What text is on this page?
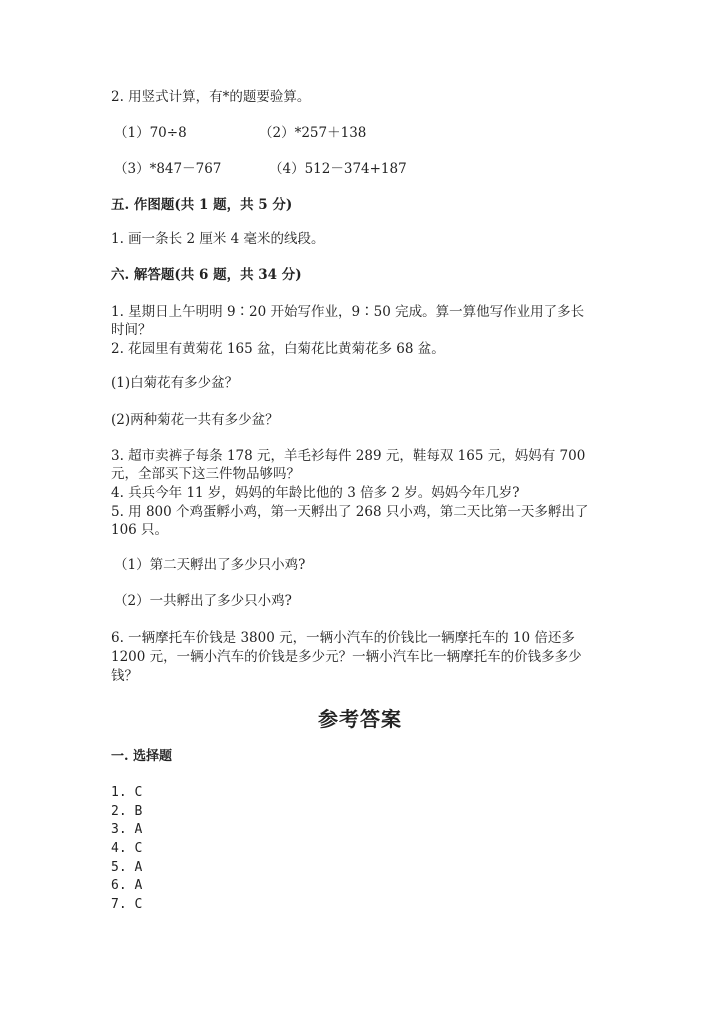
2. 用竖式计算，有*的题要验算。
（1）70÷8	（2）*257＋138
（3）*847－767	（4）512－374+187
五. 作图题(共 1 题，共 5 分)
1. 画一条长 2 厘米 4 毫米的线段。
六. 解答题(共 6 题，共 34 分)
1. 星期日上午明明 9∶20 开始写作业，9∶50 完成。算一算他写作业用了多长
时间？
2. 花园里有黄菊花 165 盆，白菊花比黄菊花多 68 盆。
(1)白菊花有多少盆？
(2)两种菊花一共有多少盆？
3. 超市卖裤子每条 178 元，羊毛衫每件 289 元，鞋每双 165 元，妈妈有 700
元，全部买下这三件物品够吗？
4. 兵兵今年 11 岁，妈妈的年龄比他的 3 倍多 2 岁。妈妈今年几岁?
5. 用 800 个鸡蛋孵小鸡，第一天孵出了 268 只小鸡，第二天比第一天多孵出了
106 只。
（1）第二天孵出了多少只小鸡?
（2）一共孵出了多少只小鸡?
6. 一辆摩托车价钱是 3800 元，一辆小汽车的价钱比一辆摩托车的 10 倍还多
1200 元，一辆小汽车的价钱是多少元？一辆小汽车比一辆摩托车的价钱多多少
钱？
参考答案
一. 选择题
1. C
2. B
3. A
4. C
5. A
6. A
7. C
